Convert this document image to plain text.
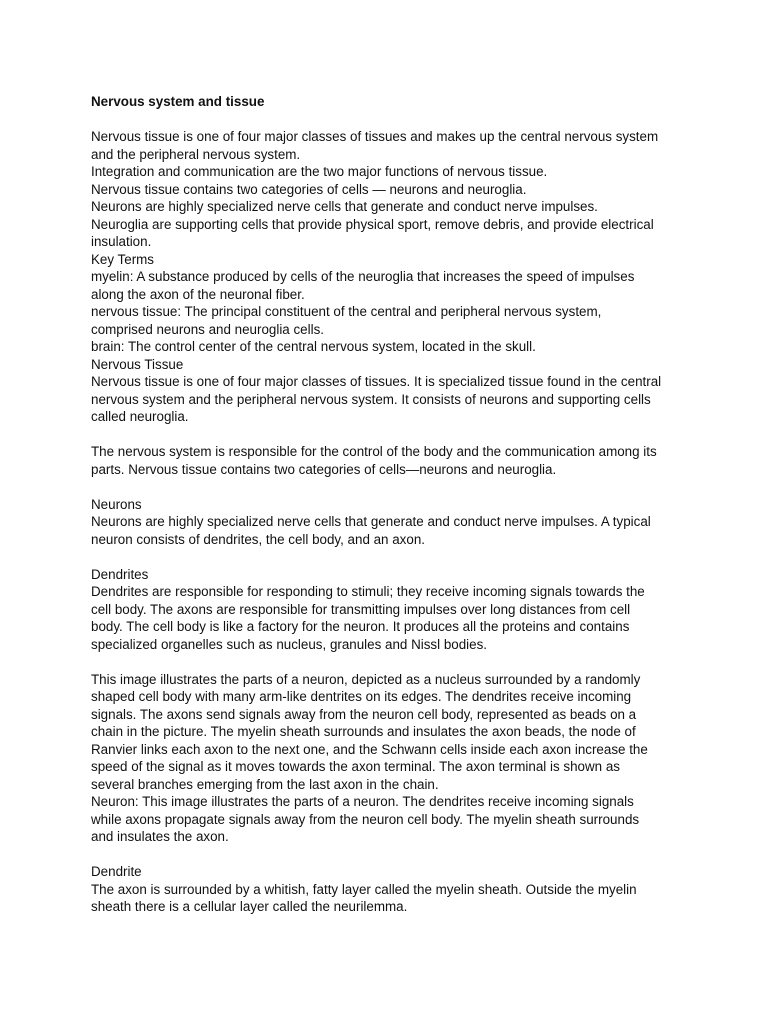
Nervous system and tissue

Nervous tissue is one of four major classes of tissues and makes up the central nervous system

and the peripheral nervous system.

Integration and communication are the two major functions of nervous tissue.

Nervous tissue contains two categories of cells — neurons and neuroglia.

Neurons are highly specialized nerve cells that generate and conduct nerve impulses.

Neuroglia are supporting cells that provide physical sport, remove debris, and provide electrical

insulation.

Key Terms

myelin: A substance produced by cells of the neuroglia that increases the speed of impulses

along the axon of the neuronal fiber.

nervous tissue: The principal constituent of the central and peripheral nervous system,

comprised neurons and neuroglia cells.

brain: The control center of the central nervous system, located in the skull.

Nervous Tissue

Nervous tissue is one of four major classes of tissues. It is specialized tissue found in the central

nervous system and the peripheral nervous system. It consists of neurons and supporting cells

called neuroglia.

The nervous system is responsible for the control of the body and the communication among its

parts. Nervous tissue contains two categories of cells—neurons and neuroglia.

Neurons

Neurons are highly specialized nerve cells that generate and conduct nerve impulses. A typical

neuron consists of dendrites, the cell body, and an axon.

Dendrites

Dendrites are responsible for responding to stimuli; they receive incoming signals towards the

cell body. The axons are responsible for transmitting impulses over long distances from cell

body. The cell body is like a factory for the neuron. It produces all the proteins and contains

specialized organelles such as nucleus, granules and Nissl bodies.

This image illustrates the parts of a neuron, depicted as a nucleus surrounded by a randomly

shaped cell body with many arm-like dentrites on its edges. The dendrites receive incoming

signals. The axons send signals away from the neuron cell body, represented as beads on a

chain in the picture. The myelin sheath surrounds and insulates the axon beads, the node of

Ranvier links each axon to the next one, and the Schwann cells inside each axon increase the

speed of the signal as it moves towards the axon terminal. The axon terminal is shown as

several branches emerging from the last axon in the chain.

Neuron: This image illustrates the parts of a neuron. The dendrites receive incoming signals

while axons propagate signals away from the neuron cell body. The myelin sheath surrounds

and insulates the axon.

Dendrite

The axon is surrounded by a whitish, fatty layer called the myelin sheath. Outside the myelin

sheath there is a cellular layer called the neurilemma.
